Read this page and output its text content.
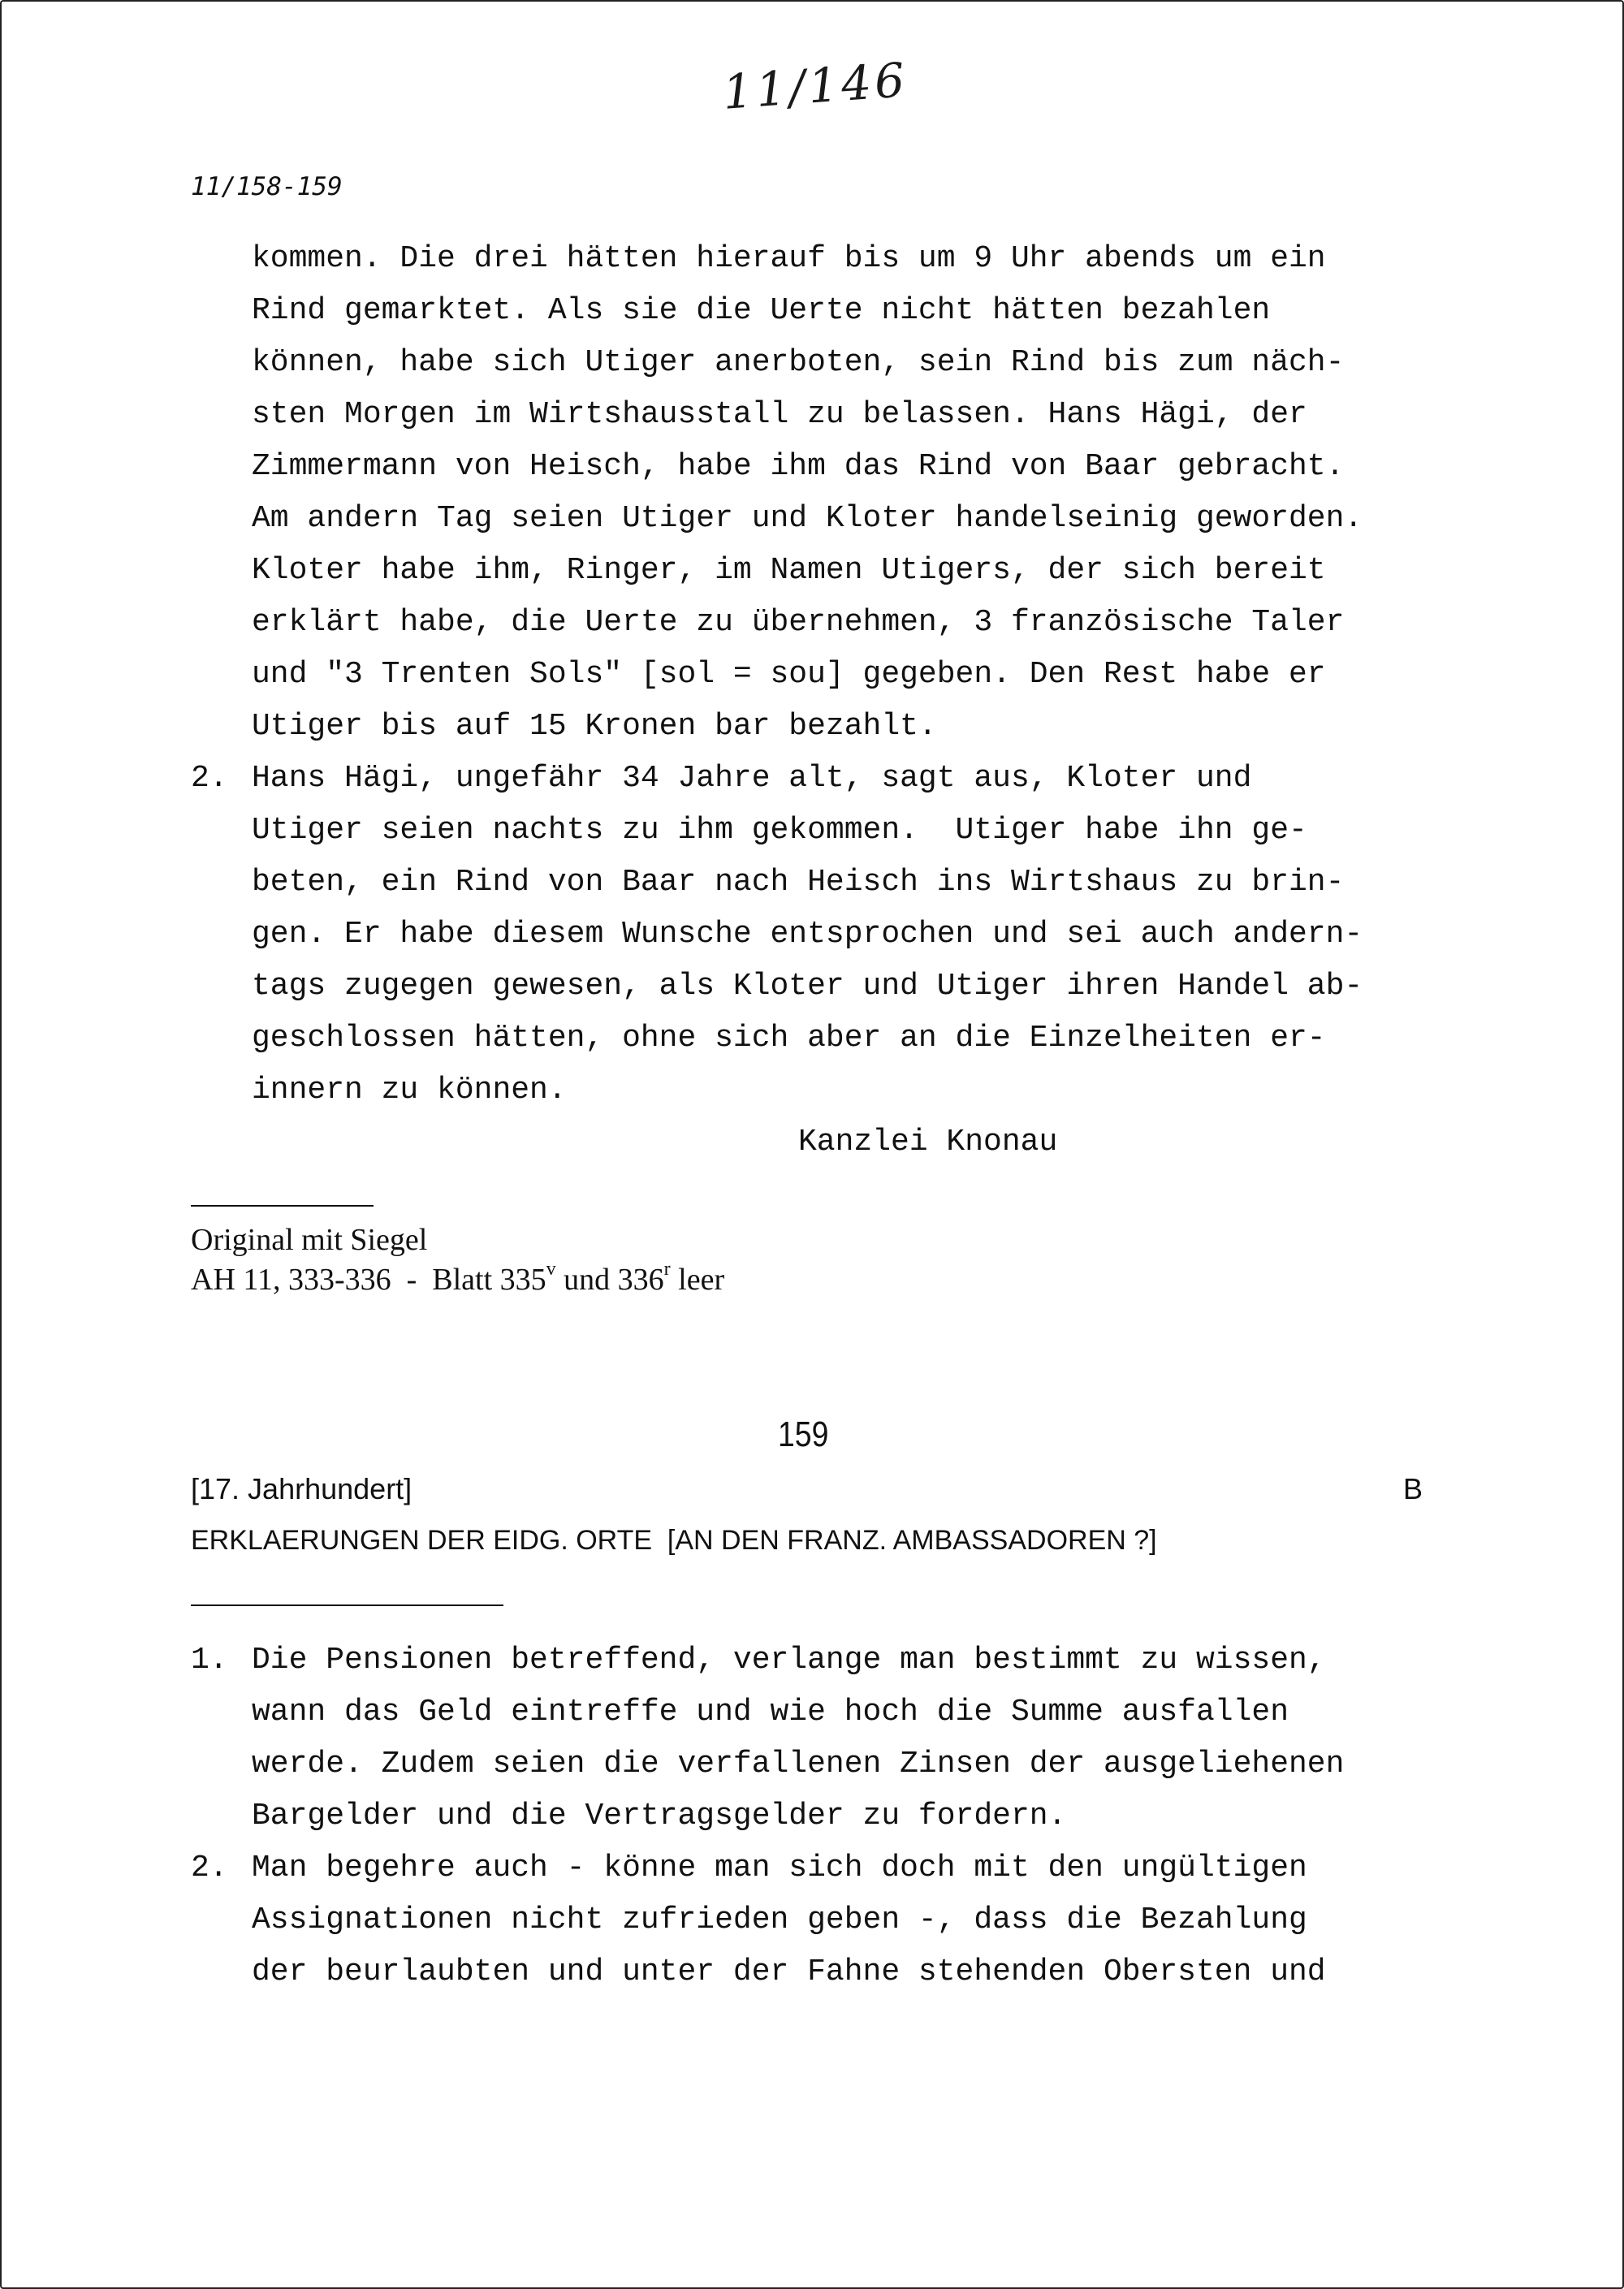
11/146
11/158-159
kommen. Die drei hätten hierauf bis um 9 Uhr abends um ein
Rind gemarktet. Als sie die Uerte nicht hätten bezahlen
können, habe sich Utiger anerboten, sein Rind bis zum näch-
sten Morgen im Wirtshausstall zu belassen. Hans Hägi, der
Zimmermann von Heisch, habe ihm das Rind von Baar gebracht.
Am andern Tag seien Utiger und Kloter handelseinig geworden.
Kloter habe ihm, Ringer, im Namen Utigers, der sich bereit
erklärt habe, die Uerte zu übernehmen, 3 französische Taler
und "3 Trenten Sols" [sol = sou] gegeben. Den Rest habe er
Utiger bis auf 15 Kronen bar bezahlt.
2. Hans Hägi, ungefähr 34 Jahre alt, sagt aus, Kloter und
Utiger seien nachts zu ihm gekommen.  Utiger habe ihn ge-
beten, ein Rind von Baar nach Heisch ins Wirtshaus zu brin-
gen. Er habe diesem Wunsche entsprochen und sei auch andern-
tags zugegen gewesen, als Kloter und Utiger ihren Handel ab-
geschlossen hätten, ohne sich aber an die Einzelheiten er-
innern zu können.
Kanzlei Knonau
Original mit Siegel
AH 11, 333-336  -  Blatt 335$^v$ und 336$^r$ leer
159
[17. Jahrhundert]	B
ERKLAERUNGEN DER EIDG. ORTE  [AN DEN FRANZ. AMBASSADOREN ?]
1. Die Pensionen betreffend, verlange man bestimmt zu wissen,
wann das Geld eintreffe und wie hoch die Summe ausfallen
werde. Zudem seien die verfallenen Zinsen der ausgeliehenen
Bargelder und die Vertragsgelder zu fordern.
2. Man begehre auch - könne man sich doch mit den ungültigen
Assignationen nicht zufrieden geben -, dass die Bezahlung
der beurlaubten und unter der Fahne stehenden Obersten und
